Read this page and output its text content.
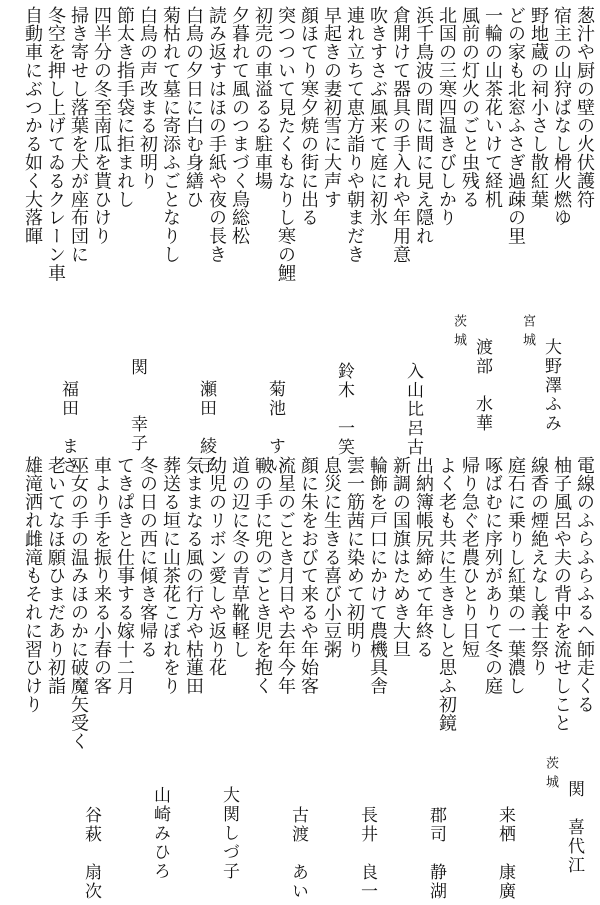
葱汁や厨の壁の火伏護符
宿主の山狩ばなし榾火燃ゆ
野地蔵の祠小さし散紅葉
どの家も北窓ふさぎ過疎の里
一輪の山茶花いけて経机
風前の灯火のごと虫残る
北国の三寒四温きびしかり
浜千鳥波の間に間に見え隠れ
倉開けて器具の手入れや年用意
吹きすさぶ風来て庭に初氷
連れ立ちて恵方詣りや朝まだき
早起きの妻初雪に大声す
顔ほてり寒夕焼の街に出る
突つついて見たくもなりし寒の鯉
初売の車溢るる駐車場
夕暮れて風のつまづく鳥総松
読み返すはほの手紙や夜の長き
白鳥の夕日に白む身繕ひ
菊枯れて墓に寄添ふごとなりし
白鳥の声改まる初明り
節太き指手袋に拒まれし
四半分の冬至南瓜を貰ひけり
掃き寄せし落葉を犬が座布団に
冬空を押し上げてゐるクレーン車
自動車にぶつかる如く大落暉
宮城
大野澤ふみ
茨城
渡部　水華
入山比呂古
鈴木　一笑
菊池　すい
瀬田　綾子
関　　幸子
福田　まさ
電線のふらふらふるへ師走くる
柚子風呂や夫の背中を流せしこと
線香の煙絶えなし義士祭り
庭石に乗りし紅葉の一葉濃し
啄ばむに序列がありて冬の庭
帰り急ぐ老農ひとり日短
よく老も共に生ききしと思ふ初鏡
出納簿帳尻締めて年終る
新調の国旗はためき大旦
輪飾を戸口にかけて農機具舎
雲一筋茜に染めて初明り
息災に生きる喜び小豆粥
顔に朱をおびて来るや年始客
流星のごとき月日や去年今年
皸の手に兜のごとき児を抱く
道の辺に冬の青草靴軽し
幼児のリボン愛しや返り花
気ままなる風の行方や枯蓮田
葬送る垣に山茶花こぼれをり
冬の日の西に傾き客帰る
てきぱきと仕事する嫁十二月
車より手を振り来る小春の客
巫女の手の温みほのかに破魔矢受く
老いてなほ願ひまだあり初詣
雄滝洒れ雌滝もそれに習ひけり
茨城
関　喜代江
来栖　康廣
郡司　静湖
長井　良一
古渡　あい
大関しづ子
山崎みひろ
谷萩　扇次
